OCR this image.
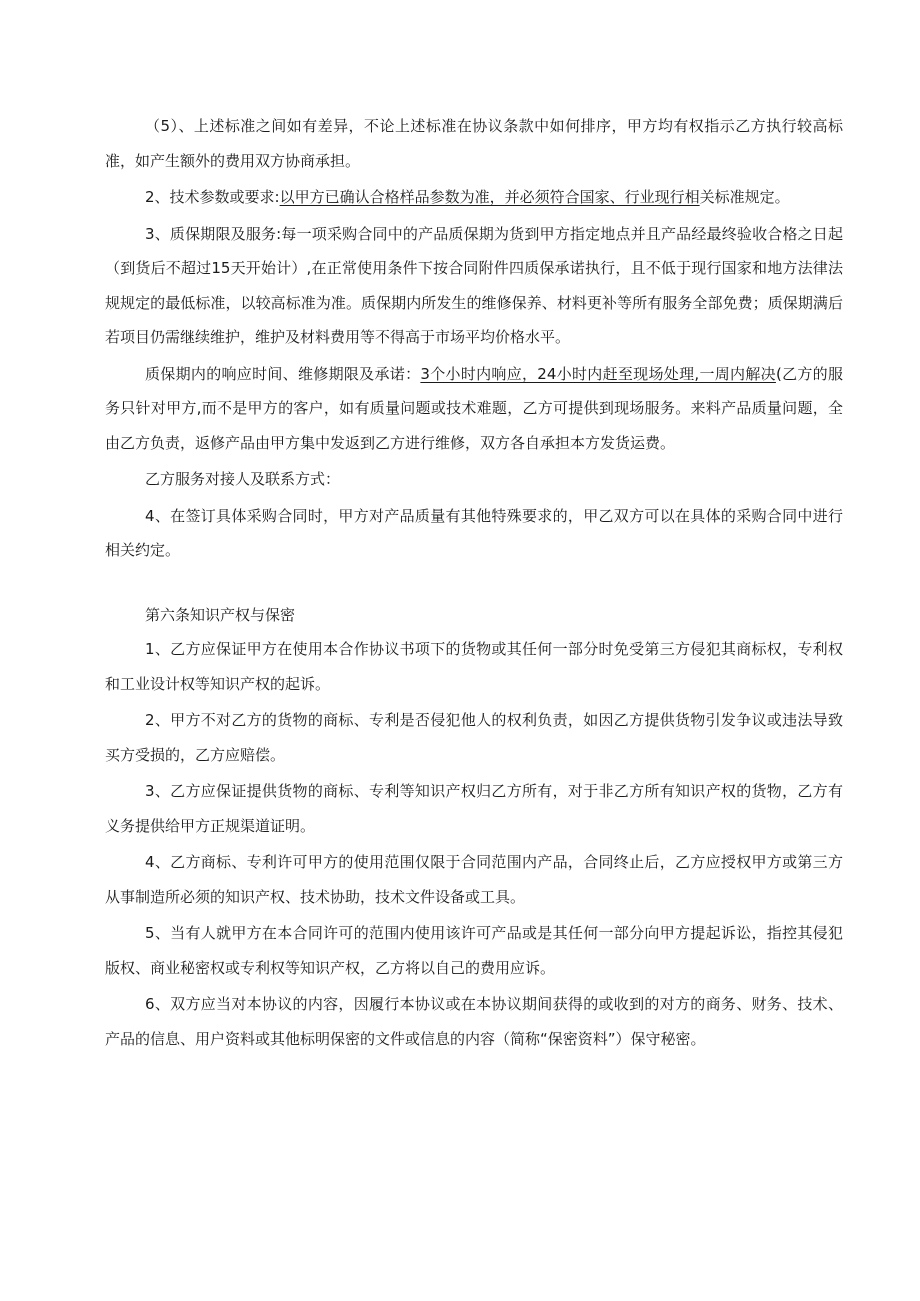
（5）、上述标准之间如有差异，不论上述标准在协议条款中如何排序，甲方均有权指示乙方执行较高标准，如产生额外的费用双方协商承担。

2、技术参数或要求:以甲方已确认合格样品参数为准，并必须符合国家、行业现行相关标准规定。

3、质保期限及服务:每一项采购合同中的产品质保期为货到甲方指定地点并且产品经最终验收合格之日起（到货后不超过15天开始计）,在正常使用条件下按合同附件四质保承诺执行，且不低于现行国家和地方法律法规规定的最低标准，以较高标准为准。质保期内所发生的维修保养、材料更补等所有服务全部免费；质保期满后若项目仍需继续维护，维护及材料费用等不得高于市场平均价格水平。

质保期内的响应时间、维修期限及承诺：3个小时内响应，24小时内赶至现场处理,一周内解决(乙方的服务只针对甲方,而不是甲方的客户，如有质量问题或技术难题，乙方可提供到现场服务。来料产品质量问题，全由乙方负责，返修产品由甲方集中发返到乙方进行维修，双方各自承担本方发货运费。

乙方服务对接人及联系方式：

4、在签订具体采购合同时，甲方对产品质量有其他特殊要求的，甲乙双方可以在具体的采购合同中进行相关约定。

第六条知识产权与保密

1、乙方应保证甲方在使用本合作协议书项下的货物或其任何一部分时免受第三方侵犯其商标权，专利权和工业设计权等知识产权的起诉。

2、甲方不对乙方的货物的商标、专利是否侵犯他人的权利负责，如因乙方提供货物引发争议或违法导致买方受损的，乙方应赔偿。

3、乙方应保证提供货物的商标、专利等知识产权归乙方所有，对于非乙方所有知识产权的货物，乙方有义务提供给甲方正规渠道证明。

4、乙方商标、专利许可甲方的使用范围仅限于合同范围内产品，合同终止后，乙方应授权甲方或第三方从事制造所必须的知识产权、技术协助，技术文件设备或工具。

5、当有人就甲方在本合同许可的范围内使用该许可产品或是其任何一部分向甲方提起诉讼，指控其侵犯版权、商业秘密权或专利权等知识产权，乙方将以自己的费用应诉。

6、双方应当对本协议的内容，因履行本协议或在本协议期间获得的或收到的对方的商务、财务、技术、产品的信息、用户资料或其他标明保密的文件或信息的内容（简称“保密资料”）保守秘密。
